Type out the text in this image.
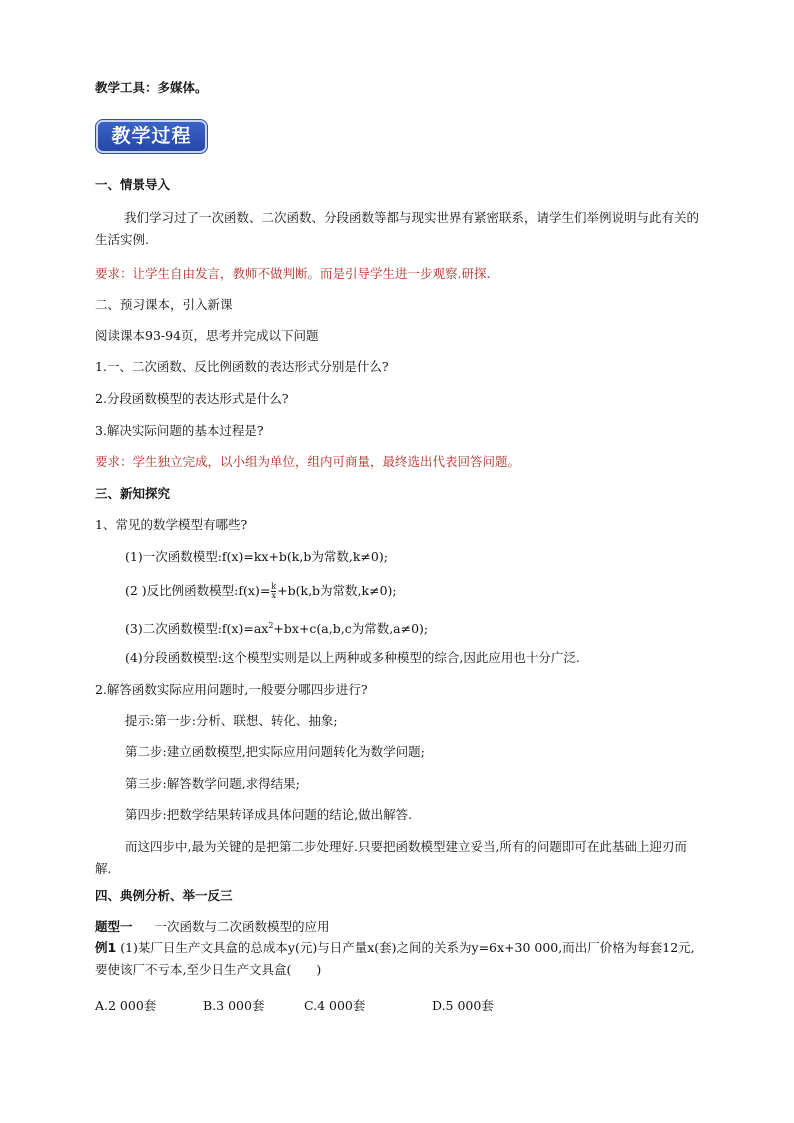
教学工具：多媒体。
教学过程
一、情景导入
我们学习过了一次函数、二次函数、分段函数等都与现实世界有紧密联系，请学生们举例说明与此有关的生活实例.
要求：让学生自由发言，教师不做判断。而是引导学生进一步观察.研探.
二、预习课本，引入新课
阅读课本93-94页，思考并完成以下问题
1.一、二次函数、反比例函数的表达形式分别是什么?
2.分段函数模型的表达形式是什么?
3.解决实际问题的基本过程是?
要求：学生独立完成，以小组为单位，组内可商量，最终选出代表回答问题。
三、新知探究
1、常见的数学模型有哪些?
(1)一次函数模型:f(x)=kx+b(k,b为常数,k≠0);
(2 )反比例函数模型:f(x)= $\frac{k}{x} +b(k,b$为常数,k≠0);
(3)二次函数模型$:f(x)=ax^2+bx+c(a,b,c$为常数,a≠0);
(4)分段函数模型:这个模型实则是以上两种或多种模型的综合,因此应用也十分广泛.
2.解答函数实际应用问题时,一般要分哪四步进行?
提示:第一步:分析、联想、转化、抽象;
第二步:建立函数模型,把实际应用问题转化为数学问题;
第三步:解答数学问题,求得结果;
第四步:把数学结果转译成具体问题的结论,做出解答.
而这四步中,最为关键的是把第二步处理好.只要把函数模型建立妥当,所有的问题即可在此基础上迎刃而解.
四、典例分析、举一反三
题型一 一次函数与二次函数模型的应用
例1 (1)某厂日生产文具盒的总成本y(元)与日产量x(套)之间的关系为y=6x+30 000,而出厂价格为每套12元,要使该厂不亏本,至少日生产文具盒(　　)
A.2 000套	B.3 000套	C.4 000套	D.5 000套
